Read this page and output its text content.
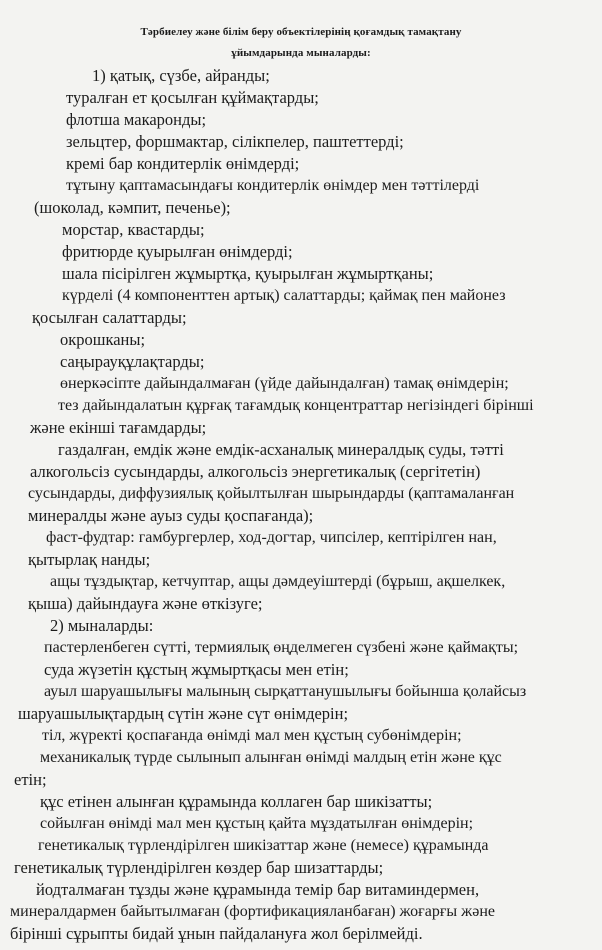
Тәрбиелеу және білім беру объектілерінің қоғамдық тамақтану
ұйымдарында мыналарды:
1) қатық, сүзбе, айранды;
туралған ет қосылған құймақтарды;
флотша макаронды;
зельцтер, форшмактар, сілікпелер, паштеттерді;
кремі бар кондитерлік өнімдерді;
тұтыну қаптамасындағы кондитерлік өнімдер мен тәттілерді
(шоколад, кәмпит, печенье);
морстар, квастарды;
фритюрде қуырылған өнімдерді;
шала пісірілген жұмыртқа, қуырылған жұмыртқаны;
күрделі (4 компоненттен артық) салаттарды; қаймақ пен майонез
қосылған салаттарды;
окрошканы;
саңырауқұлақтарды;
өнеркәсіпте дайындалмаған (үйде дайындалған) тамақ өнімдерін;
тез дайындалатын құрғақ тағамдық концентраттар негізіндегі бірінші
және екінші тағамдарды;
газдалған, емдік және емдік-асханалық минералдық суды, тәтті
алкогольсіз сусындарды, алкогольсіз энергетикалық (сергітетін)
сусындарды, диффузиялық қойылтылған шырындарды (қаптамаланған
минералды және ауыз суды қоспағанда);
фаст-фудтар: гамбургерлер, ход-догтар, чипсілер, кептірілген нан,
қытырлақ нанды;
ащы тұздықтар, кетчуптар, ащы дәмдеуіштерді (бұрыш, ақшелкек,
қыша) дайындауға және өткізуге;
2) мыналарды:
пастерленбеген сүтті, термиялық өңделмеген сүзбені және қаймақты;
суда жүзетін құстың жұмыртқасы мен етін;
ауыл шаруашылығы малының сырқаттанушылығы бойынша қолайсыз
шаруашылықтардың сүтін және сүт өнімдерін;
тіл, жүректі қоспағанда өнімді мал мен құстың субөнімдерін;
механикалық түрде сылынып алынған өнімді малдың етін және құс
етін;
құс етінен алынған құрамында коллаген бар шикізатты;
сойылған өнімді мал мен құстың қайта мұздатылған өнімдерін;
генетикалық түрлендірілген шикізаттар және (немесе) құрамында
генетикалық түрлендірілген көздер бар шизаттарды;
йодталмаған тұзды және құрамында темір бар витаминдермен,
минералдармен байытылмаған (фортификацияланбаған) жоғарғы және
бірінші сұрыпты бидай ұнын пайдалануға жол берілмейді.
